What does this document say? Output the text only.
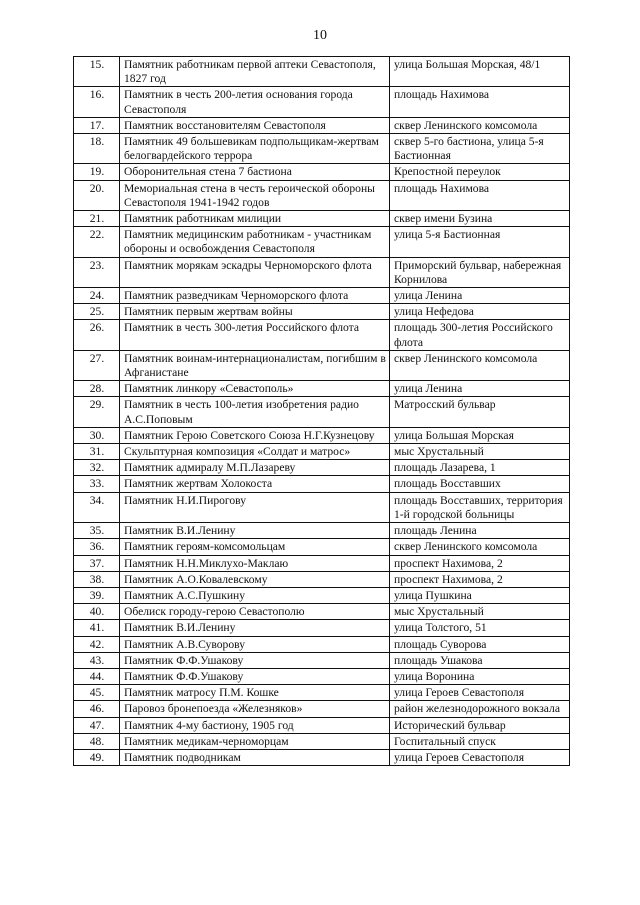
10
15.	Памятник работникам первой аптеки Севастополя, 1827 год	улица Большая Морская, 48/1
16.	Памятник в честь 200-летия основания города Севастополя	площадь Нахимова
17.	Памятник восстановителям Севастополя	сквер Ленинского комсомола
18.	Памятник 49 большевикам подпольщикам-жертвам белогвардейского террора	сквер 5-го бастиона, улица 5-я Бастионная
19.	Оборонительная стена 7 бастиона	Крепостной переулок
20.	Мемориальная стена в честь героической обороны Севастополя 1941-1942 годов	площадь Нахимова
21.	Памятник работникам милиции	сквер имени Бузина
22.	Памятник медицинским работникам - участникам обороны и освобождения Севастополя	улица 5-я Бастионная
23.	Памятник морякам эскадры Черноморского флота	Приморский бульвар, набережная Корнилова
24.	Памятник разведчикам Черноморского флота	улица Ленина
25.	Памятник первым жертвам войны	улица Нефедова
26.	Памятник в честь 300-летия Российского флота	площадь 300-летия Российского флота
27.	Памятник воинам-интернационалистам, погибшим в Афганистане	сквер Ленинского комсомола
28.	Памятник линкору «Севастополь»	улица Ленина
29.	Памятник в честь 100-летия изобретения радио А.С.Поповым	Матросский бульвар
30.	Памятник Герою Советского Союза Н.Г.Кузнецову	улица Большая Морская
31.	Скульптурная композиция «Солдат и матрос»	мыс Хрустальный
32.	Памятник адмиралу М.П.Лазареву	площадь Лазарева, 1
33.	Памятник жертвам Холокоста	площадь Восставших
34.	Памятник Н.И.Пирогову	площадь Восставших, территория 1-й городской больницы
35.	Памятник В.И.Ленину	площадь Ленина
36.	Памятник героям-комсомольцам	сквер Ленинского комсомола
37.	Памятник Н.Н.Миклухо-Маклаю	проспект Нахимова, 2
38.	Памятник А.О.Ковалевскому	проспект Нахимова, 2
39.	Памятник А.С.Пушкину	улица Пушкина
40.	Обелиск городу-герою Севастополю	мыс Хрустальный
41.	Памятник В.И.Ленину	улица Толстого, 51
42.	Памятник А.В.Суворову	площадь Суворова
43.	Памятник Ф.Ф.Ушакову	площадь Ушакова
44.	Памятник Ф.Ф.Ушакову	улица Воронина
45.	Памятник матросу П.М. Кошке	улица Героев Севастополя
46.	Паровоз бронепоезда «Железняков»	район железнодорожного вокзала
47.	Памятник 4-му бастиону, 1905 год	Исторический бульвар
48.	Памятник медикам-черноморцам	Госпитальный спуск
49.	Памятник подводникам	улица Героев Севастополя
